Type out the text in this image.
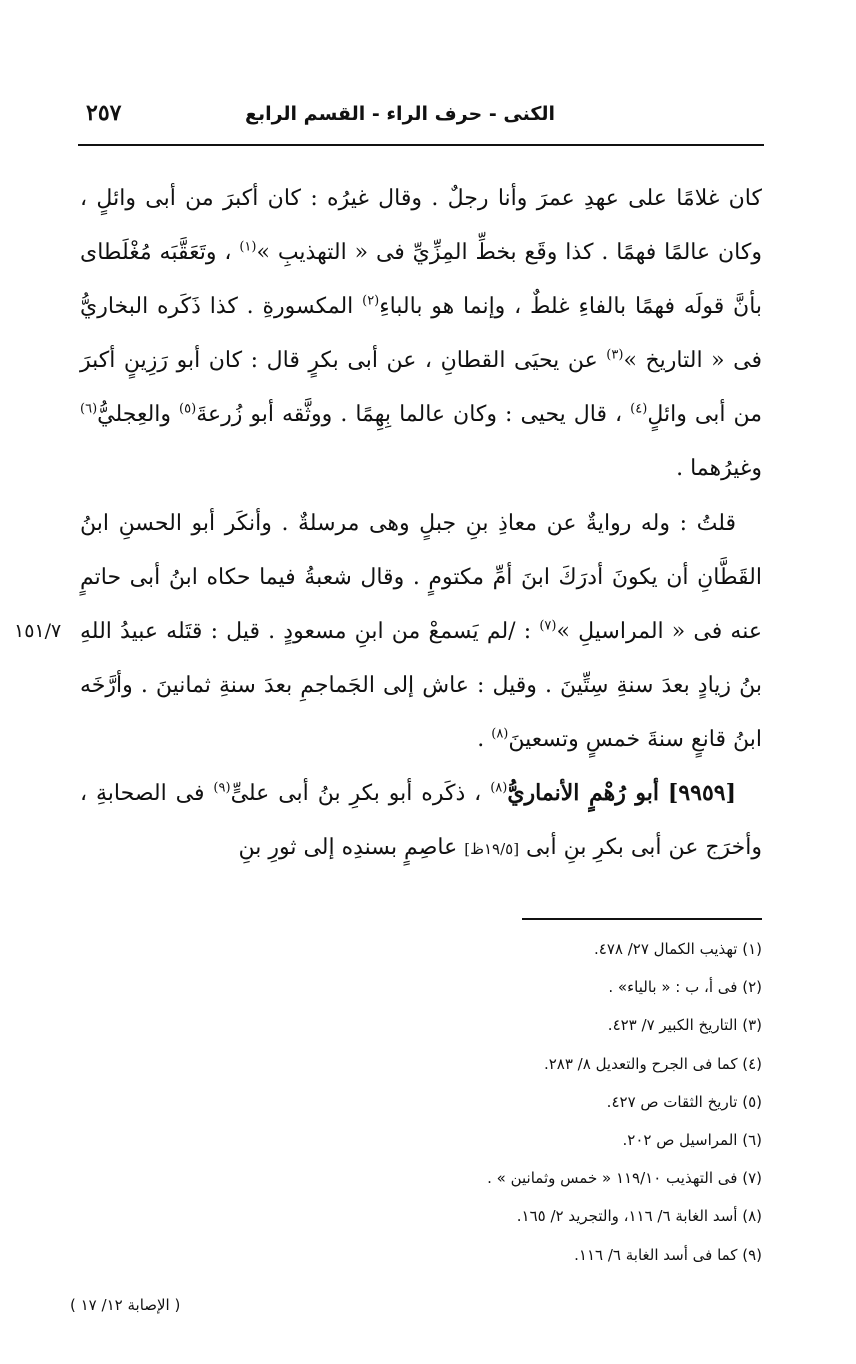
الكنى - حرف الراء - القسم الرابع
٢٥٧

كان غلامًا على عهدِ عمرَ وأنا رجلٌ . وقال غيرُه : كان أكبرَ من أبى وائلٍ ، وكان عالمًا فهمًا . كذا وقَع بخطِّ المِزِّيِّ فى « التهذيبِ »$^{(١)}$ ، وتَعَقَّبَه مُغْلَطاى بأنَّ قولَه فهمًا بالفاءِ غلطٌ ، وإنما هو بالباءِ$^{(٢)}$ المكسورةِ . كذا ذَكَره البخاريُّ فى « التاريخ »$^{(٣)}$ عن يحيَى القطانِ ، عن أبى بكرٍ قال : كان أبو رَزِينٍ أكبرَ من أبى وائلٍ$^{(٤)}$ ، قال يحيى : وكان عالما بِهِمًا . ووثَّقه أبو زُرعةَ$^{(٥)}$ والعِجليُّ$^{(٦)}$ وغيرُهما .

قلتُ : وله روايةٌ عن معاذِ بنِ جبلٍ وهى مرسلةٌ . وأنكَر أبو الحسنِ ابنُ القَطَّانِ أن يكونَ أدرَكَ ابنَ أمِّ مكتومٍ . وقال شعبةُ فيما حكاه ابنُ أبى حاتمٍ عنه فى « المراسيلِ »$^{(٧)}$ : /لم يَسمعْ من ابنِ مسعودٍ . قيل : قتَله عبيدُ اللهِ بنُ زيادٍ بعدَ سنةِ سِتِّينَ . وقيل : عاش إلى الجَماجمِ بعدَ سنةِ ثمانينَ . وأرَّخَه ابنُ قانعٍ سنةَ خمسٍ وتسعينَ$^{(٨)}$ .

[٩٩٥٩] أبو رُهْمٍ الأنماريُّ$^{(٨)}$ ، ذكَره أبو بكرِ بنُ أبى علىٍّ$^{(٩)}$ فى الصحابةِ ، وأخرَج عن أبى بكرِ بنِ أبى [١٩/٥ظ] عاصِمٍ بسندِه إلى ثورِ بنِ

١٥١/٧
(١) تهذيب الكمال ٢٧/ ٤٧٨.
(٢) فى أ، ب : « بالياء» .
(٣) التاريخ الكبير ٧/ ٤٢٣.
(٤) كما فى الجرح والتعديل ٨/ ٢٨٣.
(٥) تاريخ الثقات ص ٤٢٧.
(٦) المراسيل ص ٢٠٢.
(٧) فى التهذيب ١١٩/١٠ « خمس وثمانين » .
(٨) أسد الغابة ٦/ ١١٦، والتجريد ٢/ ١٦٥.
(٩) كما فى أسد الغابة ٦/ ١١٦.
( الإصابة ١٢/ ١٧ )
